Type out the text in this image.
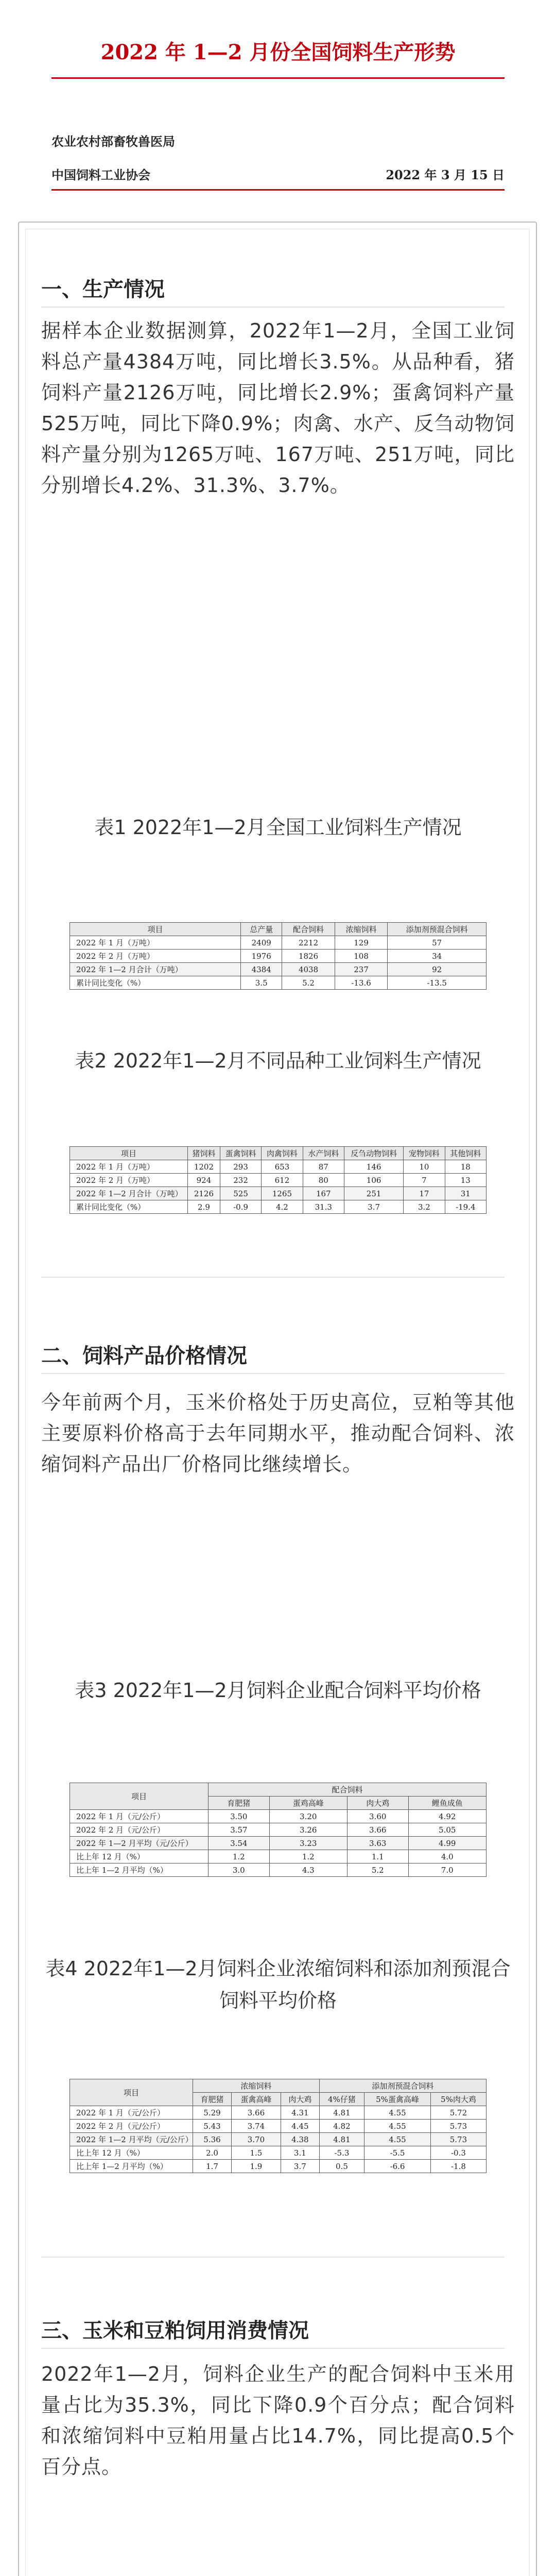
2022 年 1—2 月份全国饲料生产形势
农业农村部畜牧兽医局
中国饲料工业协会	2022 年 3 月 15 日
一、生产情况
据样本企业数据测算，2022年1—2月，全国工业饲料总产量4384万吨，同比增长3.5%。从品种看，猪饲料产量2126万吨，同比增长2.9%；蛋禽饲料产量525万吨，同比下降0.9%；肉禽、水产、反刍动物饲料产量分别为1265万吨、167万吨、251万吨，同比分别增长4.2%、31.3%、3.7%。
表1 2022年1—2月全国工业饲料生产情况
项目	总产量	配合饲料	浓缩饲料	添加剂预混合饲料
2022 年 1 月（万吨）	2409	2212	129	57
2022 年 2 月（万吨）	1976	1826	108	34
2022 年 1—2 月合计（万吨）	4384	4038	237	92
累计同比变化（%）	3.5	5.2	-13.6	-13.5
表2 2022年1—2月不同品种工业饲料生产情况
项目	猪饲料	蛋禽饲料	肉禽饲料	水产饲料	反刍动物饲料	宠物饲料	其他饲料
2022 年 1 月（万吨）	1202	293	653	87	146	10	18
2022 年 2 月（万吨）	924	232	612	80	106	7	13
2022 年 1—2 月合计（万吨）	2126	525	1265	167	251	17	31
累计同比变化（%）	2.9	-0.9	4.2	31.3	3.7	3.2	-19.4
二、饲料产品价格情况
今年前两个月，玉米价格处于历史高位，豆粕等其他主要原料价格高于去年同期水平，推动配合饲料、浓缩饲料产品出厂价格同比继续增长。
表3 2022年1—2月饲料企业配合饲料平均价格
项目	配合饲料			
	育肥猪	蛋鸡高峰	肉大鸡	鲤鱼成鱼
2022 年 1 月（元/公斤）	3.50	3.20	3.60	4.92
2022 年 2 月（元/公斤）	3.57	3.26	3.66	5.05
2022 年 1—2 月平均（元/公斤）	3.54	3.23	3.63	4.99
比上年 12 月（%）	1.2	1.2	1.1	4.0
比上年 1—2 月平均（%）	3.0	4.3	5.2	7.0
表4 2022年1—2月饲料企业浓缩饲料和添加剂预混合饲料平均价格
项目	浓缩饲料			添加剂预混合饲料		
	育肥猪	蛋禽高峰	肉大鸡	4%仔猪	5%蛋禽高峰	5%肉大鸡
2022 年 1 月（元/公斤）	5.29	3.66	4.31	4.81	4.55	5.72
2022 年 2 月（元/公斤）	5.43	3.74	4.45	4.82	4.55	5.73
2022 年 1—2 月平均（元/公斤）	5.36	3.70	4.38	4.81	4.55	5.73
比上年 12 月（%）	2.0	1.5	3.1	-5.3	-5.5	-0.3
比上年 1—2 月平均（%）	1.7	1.9	3.7	0.5	-6.6	-1.8
三、玉米和豆粕饲用消费情况
2022年1—2月，饲料企业生产的配合饲料中玉米用量占比为35.3%，同比下降0.9个百分点；配合饲料和浓缩饲料中豆粕用量占比14.7%，同比提高0.5个百分点。
